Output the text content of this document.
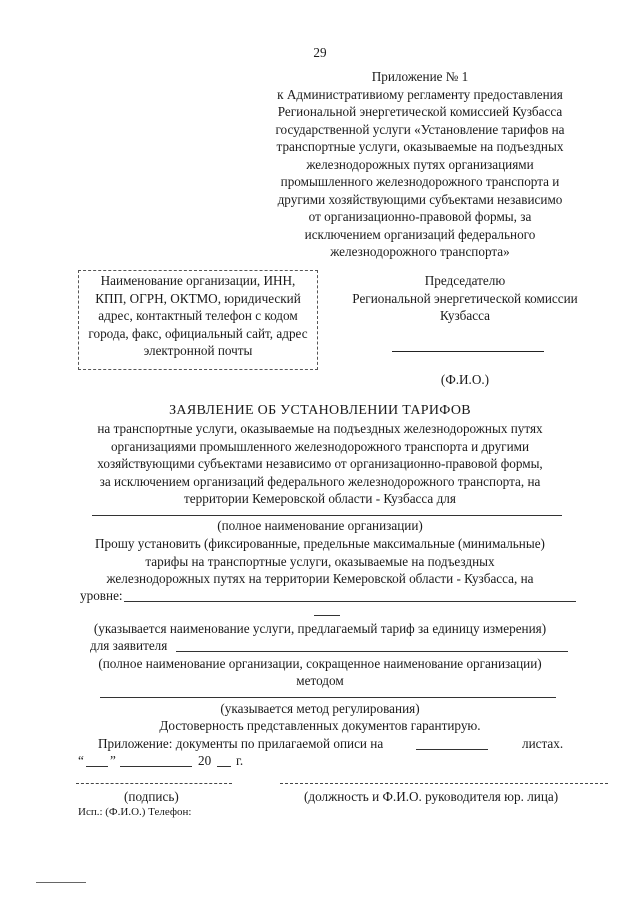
29
Приложение № 1
к Административиому регламенту предоставления
Региональной энергетической комиссией Кузбасса
государственной услуги «Установление тарифов на
транспортные услуги, оказываемые на подъездных
железнодорожных путях организациями
промышленного железнодорожного транспорта и
другими хозяйствующими субъектами независимо
от организационно-правовой формы, за
исключением организаций федерального
железнодорожного транспорта»
Наименование организации, ИНН,
КПП, ОГРН, ОКТМО, юридический
адрес, контактный телефон с кодом
города, факс, официальный сайт, адрес
электронной почты
Председателю
Региональной энергетической комиссии
Кузбасса
(Ф.И.О.)
ЗАЯВЛЕНИЕ ОБ УСТАНОВЛЕНИИ ТАРИФОВ
на транспортные услуги, оказываемые на подъездных железнодорожных путях
организациями промышленного железнодорожного транспорта и другими
хозяйствующими субъектами независимо от организационно-правовой формы,
за исключением организаций федерального железнодорожного транспорта, на
территории Кемеровской области - Кузбасса для
(полное наименование организации)
Прошу установить (фиксированные, предельные максимальные (минимальные)
тарифы на транспортные услуги, оказываемые на подъездных
железнодорожных путях на территории Кемеровской области - Кузбасса, на
уровне:
(указывается наименование услуги, предлагаемый тариф за единицу измерения)
для заявителя
(полное наименование организации, сокращенное наименование организации)
методом
(указывается метод регулирования)
Достоверность представленных документов гарантирую.
Приложение: документы по прилагаемой описи на	листах.
“ ”	20 г.
(подпись)	(должность и Ф.И.О. руководителя юр. лица)
Исп.: (Ф.И.О.) Телефон:
